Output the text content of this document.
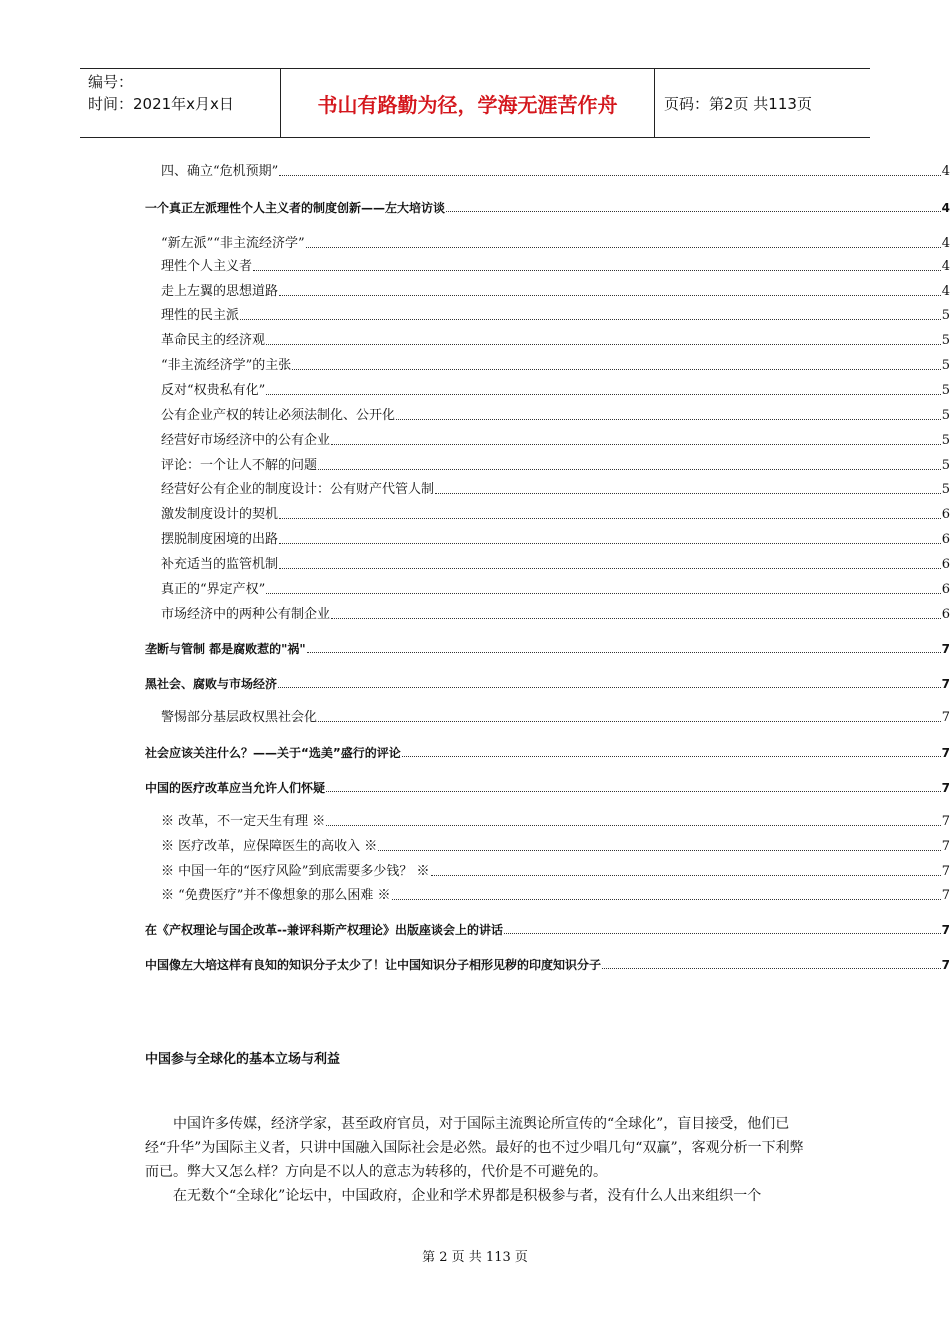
编号：
时间：2021年x月x日	书山有路勤为径，学海无涯苦作舟	页码：第2页 共113页
四、确立“危机预期”	4
一个真正左派理性个人主义者的制度创新——左大培访谈	4
“新左派”“非主流经济学”	4
理性个人主义者	4
走上左翼的思想道路	4
理性的民主派	5
革命民主的经济观	5
“非主流经济学”的主张	5
反对“权贵私有化”	5
公有企业产权的转让必须法制化、公开化	5
经营好市场经济中的公有企业	5
评论：一个让人不解的问题	5
经营好公有企业的制度设计：公有财产代管人制	5
激发制度设计的契机	6
摆脱制度困境的出路	6
补充适当的监管机制	6
真正的“界定产权”	6
市场经济中的两种公有制企业	6
垄断与管制 都是腐败惹的"祸"	7
黑社会、腐败与市场经济	7
警惕部分基层政权黑社会化	7
社会应该关注什么？——关于“选美”盛行的评论	7
中国的医疗改革应当允许人们怀疑	7
※ 改革，不一定天生有理 ※	7
※ 医疗改革，应保障医生的高收入 ※	7
※ 中国一年的“医疗风险”到底需要多少钱？ ※	7
※ “免费医疗”并不像想象的那么困难 ※	7
在《产权理论与国企改革--兼评科斯产权理论》出版座谈会上的讲话	7
中国像左大培这样有良知的知识分子太少了！让中国知识分子相形见秽的印度知识分子	7
中国参与全球化的基本立场与利益

中国许多传媒，经济学家，甚至政府官员，对于国际主流舆论所宣传的“全球化”，盲目接受，他们已经“升华”为国际主义者，只讲中国融入国际社会是必然。最好的也不过少唱几句“双赢”，客观分析一下利弊而已。弊大又怎么样？方向是不以人的意志为转移的，代价是不可避免的。

在无数个“全球化”论坛中，中国政府，企业和学术界都是积极参与者，没有什么人出来组织一个

第 2 页 共 113 页
